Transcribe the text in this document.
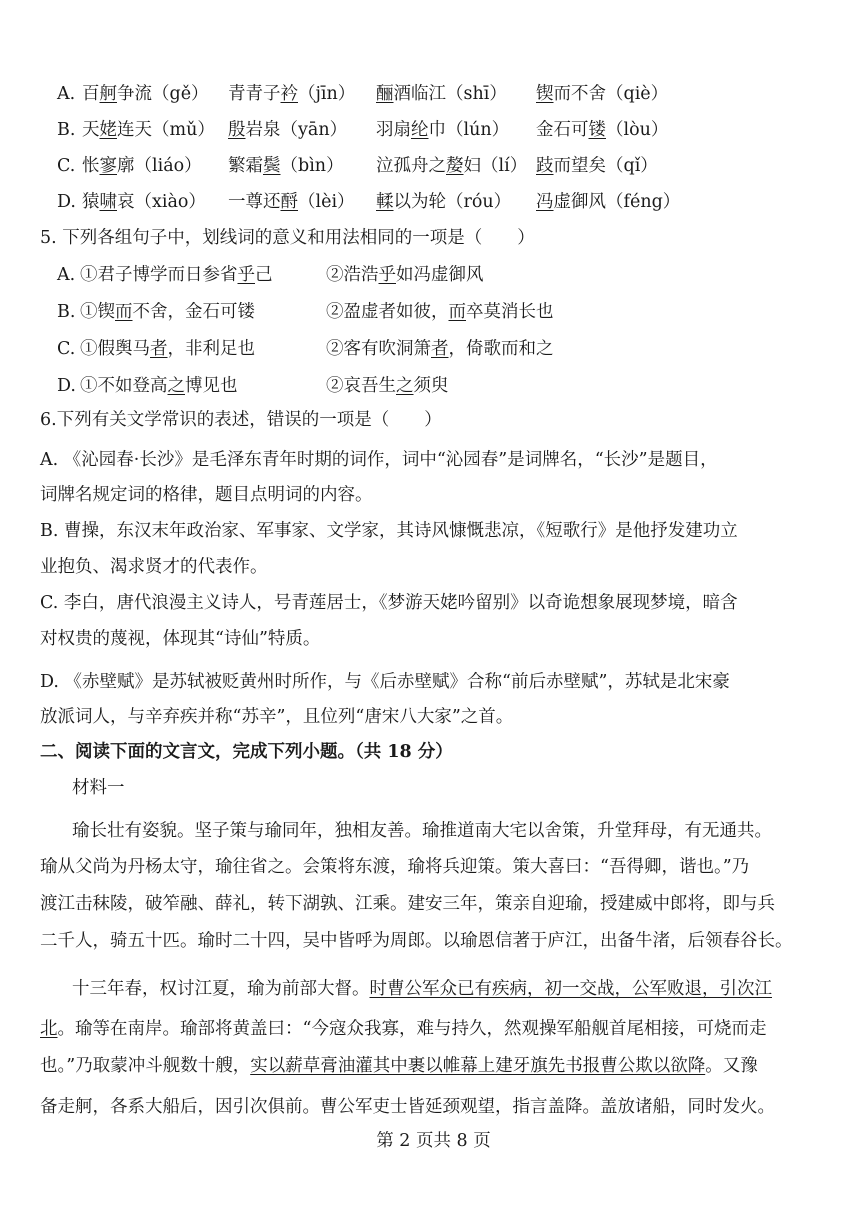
A. 百舸争流（gě） 青青子衿（jīn） 酾酒临江（shī） 锲而不舍（qiè）
B. 天姥连天（mǔ） 殷岩泉（yān） 羽扇纶巾（lún） 金石可镂（lòu）
C. 怅寥廓（liáo） 繁霜鬓（bìn） 泣孤舟之嫠妇（lí） 跂而望矣（qǐ）
D. 猿啸哀（xiào） 一尊还酹（lèi） 輮以为轮（róu） 冯虚御风（féng）
5. 下列各组句子中，划线词的意义和用法相同的一项是（　　）
A. ①君子博学而日参省乎己	②浩浩乎如冯虚御风
B. ①锲而不舍，金石可镂	②盈虚者如彼，而卒莫消长也
C. ①假舆马者，非利足也	②客有吹洞箫者，倚歌而和之
D. ①不如登高之博见也	②哀吾生之须臾
6.下列有关文学常识的表述，错误的一项是（　　）
A. 《沁园春·长沙》是毛泽东青年时期的词作，词中“沁园春”是词牌名，“长沙”是题目，
词牌名规定词的格律，题目点明词的内容。
B. 曹操，东汉末年政治家、军事家、文学家，其诗风慷慨悲凉，《短歌行》是他抒发建功立
业抱负、渴求贤才的代表作。
C. 李白，唐代浪漫主义诗人，号青莲居士，《梦游天姥吟留别》以奇诡想象展现梦境，暗含
对权贵的蔑视，体现其“诗仙”特质。
D. 《赤壁赋》是苏轼被贬黄州时所作，与《后赤壁赋》合称“前后赤壁赋”，苏轼是北宋豪
放派词人，与辛弃疾并称“苏辛”，且位列“唐宋八大家”之首。
二、阅读下面的文言文，完成下列小题。（共 18 分）
材料一
瑜长壮有姿貌。坚子策与瑜同年，独相友善。瑜推道南大宅以舍策，升堂拜母，有无通共。
瑜从父尚为丹杨太守，瑜往省之。会策将东渡，瑜将兵迎策。策大喜曰：“吾得卿，谐也。”乃
渡江击秣陵，破笮融、薛礼，转下湖孰、江乘。建安三年，策亲自迎瑜，授建威中郎将，即与兵
二千人，骑五十匹。瑜时二十四，吴中皆呼为周郎。以瑜恩信著于庐江，出备牛渚，后领春谷长。
十三年春，权讨江夏，瑜为前部大督。时曹公军众已有疾病，初一交战，公军败退，引次江
北。瑜等在南岸。瑜部将黄盖曰：“今寇众我寡，难与持久，然观操军船舰首尾相接，可烧而走
也。”乃取蒙冲斗舰数十艘，实以薪草膏油灌其中裹以帷幕上建牙旗先书报曹公欺以欲降。又豫
备走舸，各系大船后，因引次俱前。曹公军吏士皆延颈观望，指言盖降。盖放诸船，同时发火。
第 2 页共 8 页
